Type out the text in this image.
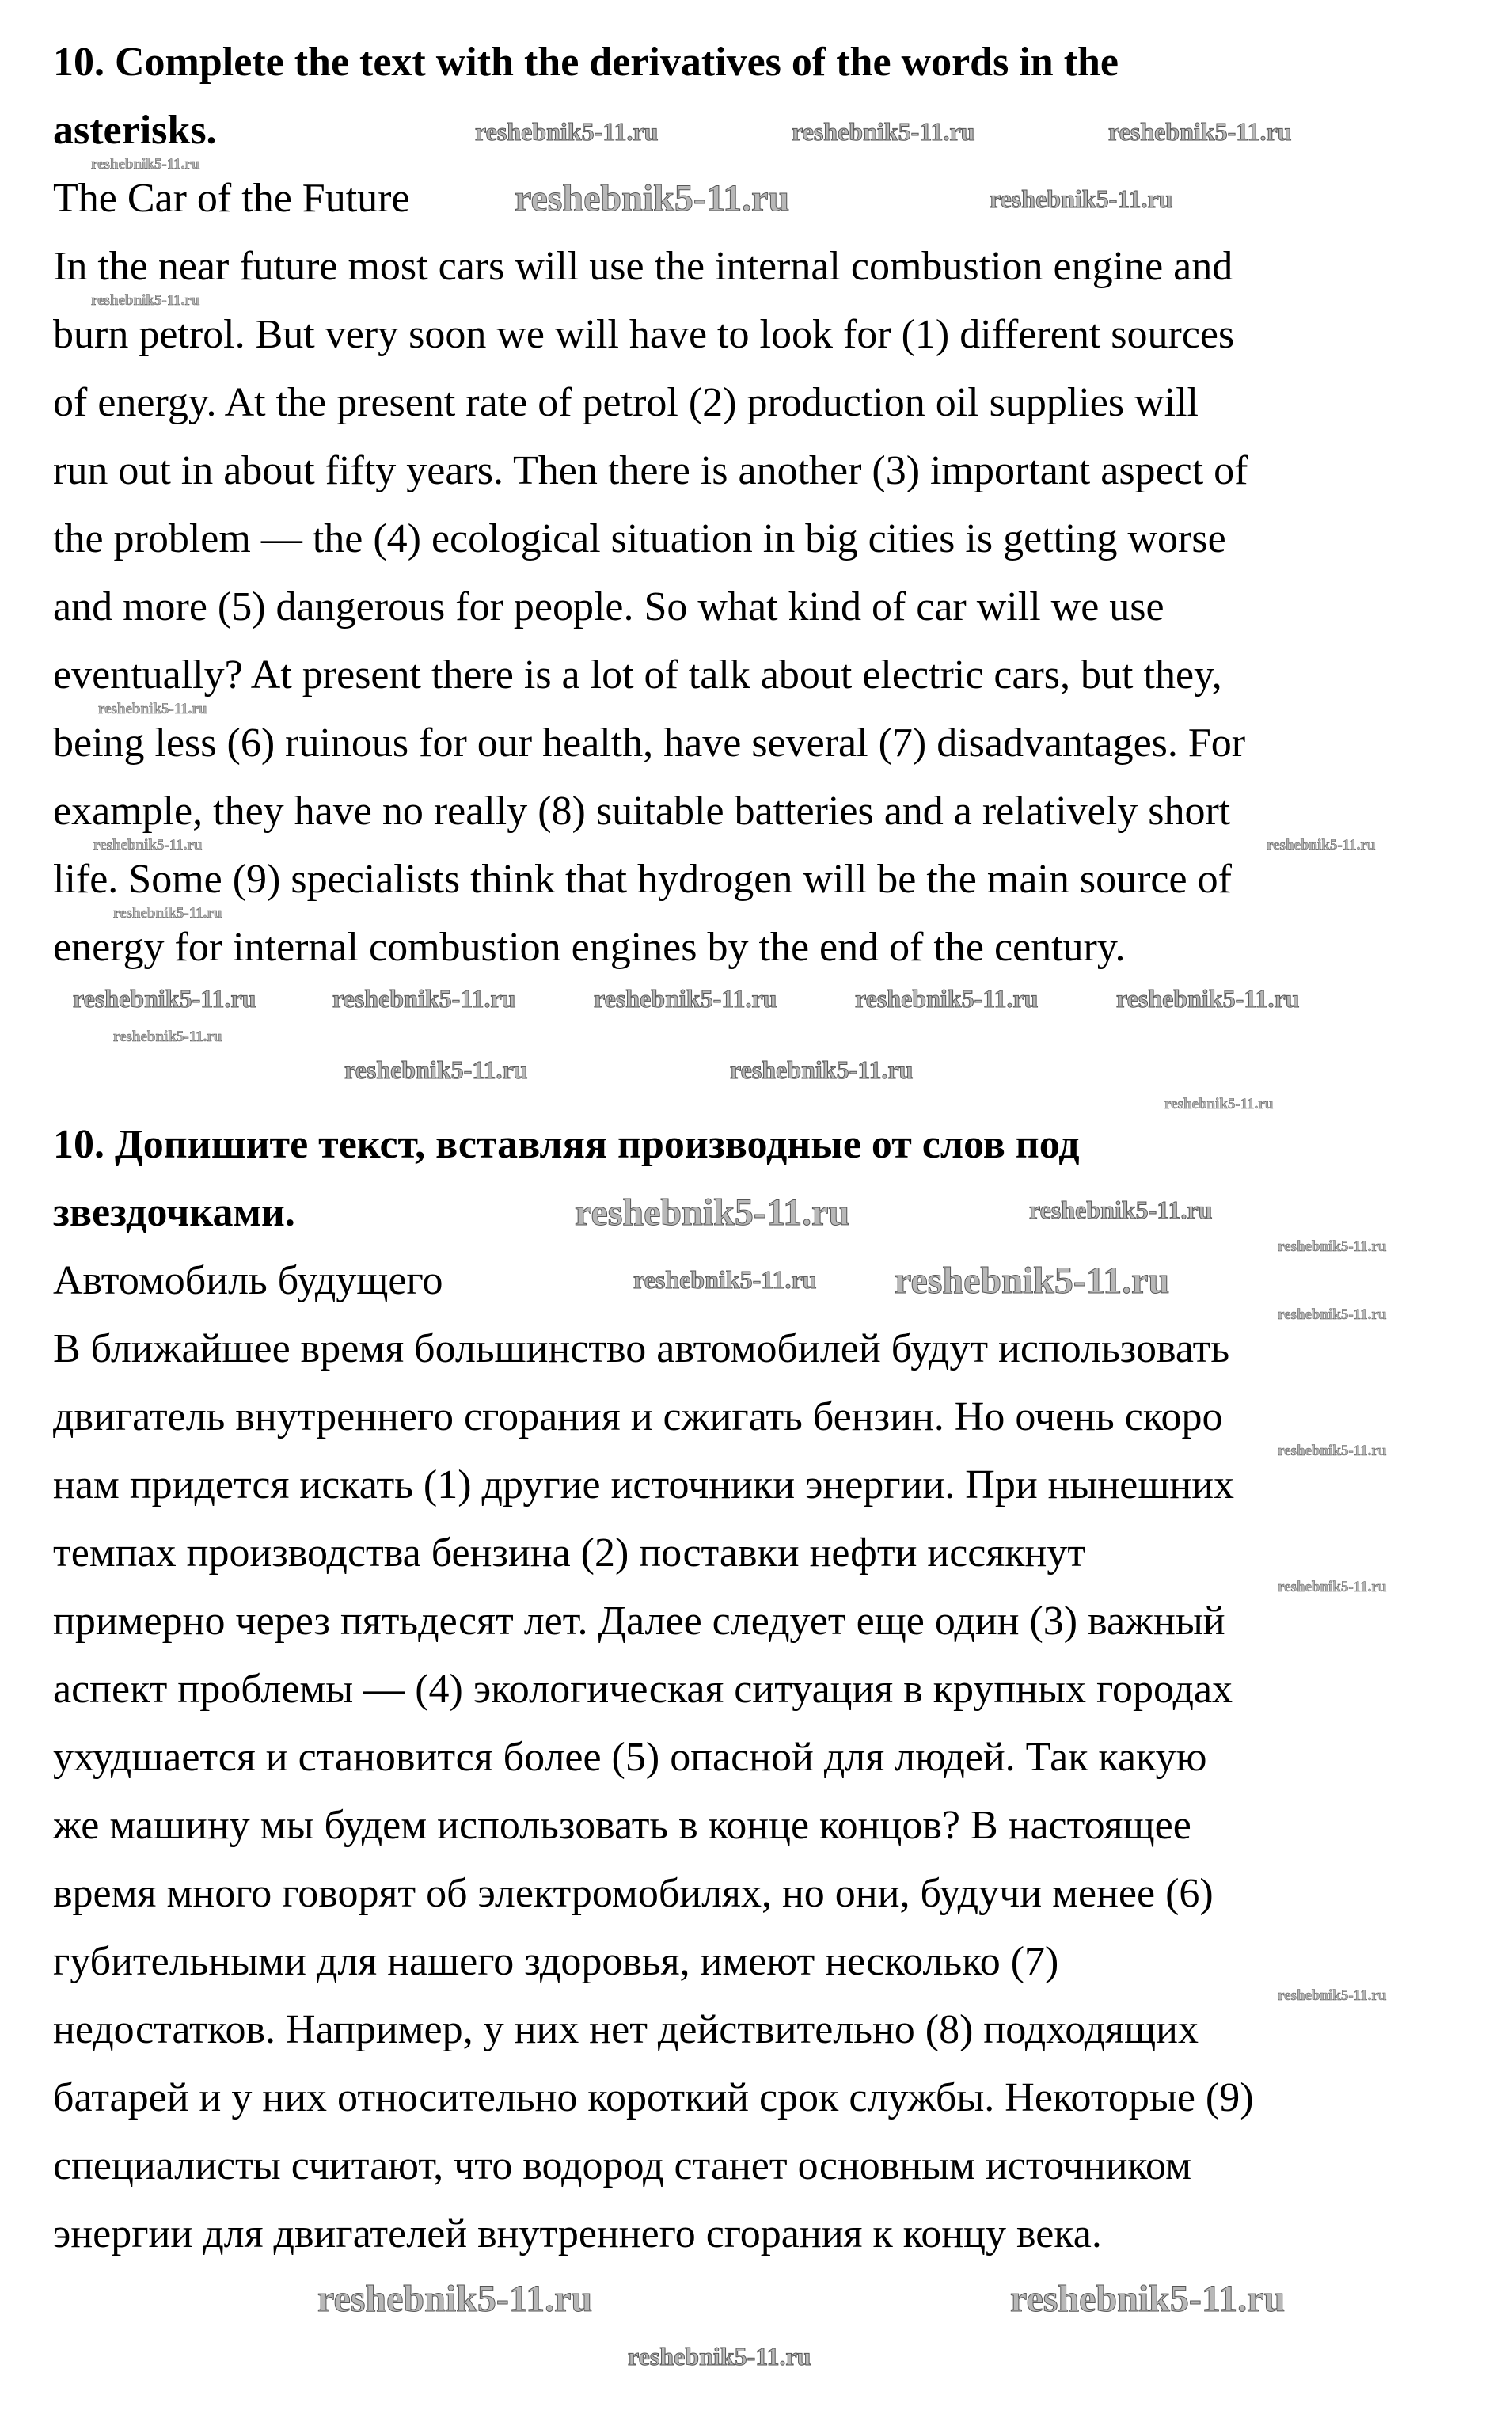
10. Complete the text with the derivatives of the words in the
asterisks.
The Car of the Future
In the near future most cars will use the internal combustion engine and
burn petrol. But very soon we will have to look for (1) different sources
of energy. At the present rate of petrol (2) production oil supplies will
run out in about fifty years. Then there is another (3) important aspect of
the problem — the (4) ecological situation in big cities is getting worse
and more (5) dangerous for people. So what kind of car will we use
eventually? At present there is a lot of talk about electric cars, but they,
being less (6) ruinous for our health, have several (7) disadvantages. For
example, they have no really (8) suitable batteries and a relatively short
life. Some (9) specialists think that hydrogen will be the main source of
energy for internal combustion engines by the end of the century.
10. Допишите текст, вставляя производные от слов под
звездочками.
Автомобиль будущего
В ближайшее время большинство автомобилей будут использовать
двигатель внутреннего сгорания и сжигать бензин. Но очень скоро
нам придется искать (1) другие источники энергии. При нынешних
темпах производства бензина (2) поставки нефти иссякнут
примерно через пятьдесят лет. Далее следует еще один (3) важный
аспект проблемы — (4) экологическая ситуация в крупных городах
ухудшается и становится более (5) опасной для людей. Так какую
же машину мы будем использовать в конце концов? В настоящее
время много говорят об электромобилях, но они, будучи менее (6)
губительными для нашего здоровья, имеют несколько (7)
недостатков. Например, у них нет действительно (8) подходящих
батарей и у них относительно короткий срок службы. Некоторые (9)
специалисты считают, что водород станет основным источником
энергии для двигателей внутреннего сгорания к концу века.
reshebnik5-11.ru
reshebnik5-11.ru
reshebnik5-11.ru
reshebnik5-11.ru	reshebnik5-11.ru
reshebnik5-11.ru
reshebnik5-11.ru
reshebnik5-11.ru
reshebnik5-11.ru
reshebnik5-11.ru
reshebnik5-11.ru
reshebnik5-11.ru
reshebnik5-11.ru
reshebnik5-11.ru
reshebnik5-11.ru	reshebnik5-11.ru	reshebnik5-11.ru
reshebnik5-11.ru	reshebnik5-11.ru	reshebnik5-11.ru	reshebnik5-11.ru	reshebnik5-11.ru
reshebnik5-11.ru	reshebnik5-11.ru
reshebnik5-11.ru
reshebnik5-11.ru
reshebnik5-11.ru
reshebnik5-11.ru
reshebnik5-11.ru
reshebnik5-11.ru
reshebnik5-11.ru	reshebnik5-11.ru
